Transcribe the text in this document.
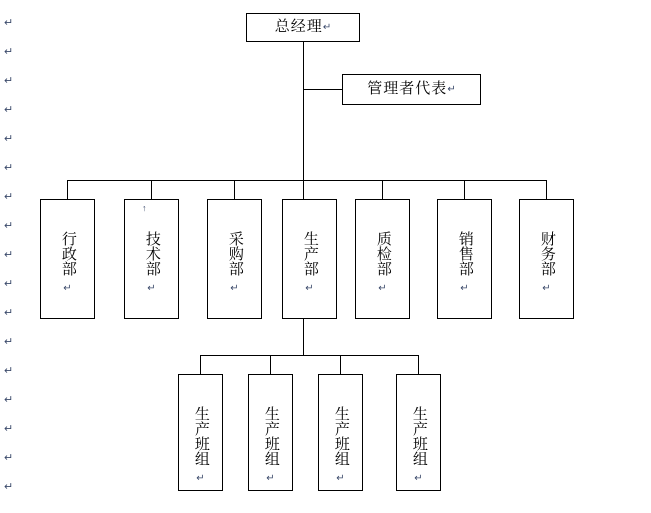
↵
↵
↵
↵
↵
↵
↵
↵
↵
↵
↵
↵
↵
↵
↵
↵
↵
总经理 ↵
管理者代表 ↵

行政部

↵

技术部

↵

↑

采购部

↵

生产部

↵

质检部

↵

销售部

↵

财务部

↵

生产班组

↵

生产班组

↵

生产班组

↵

生产班组

↵
